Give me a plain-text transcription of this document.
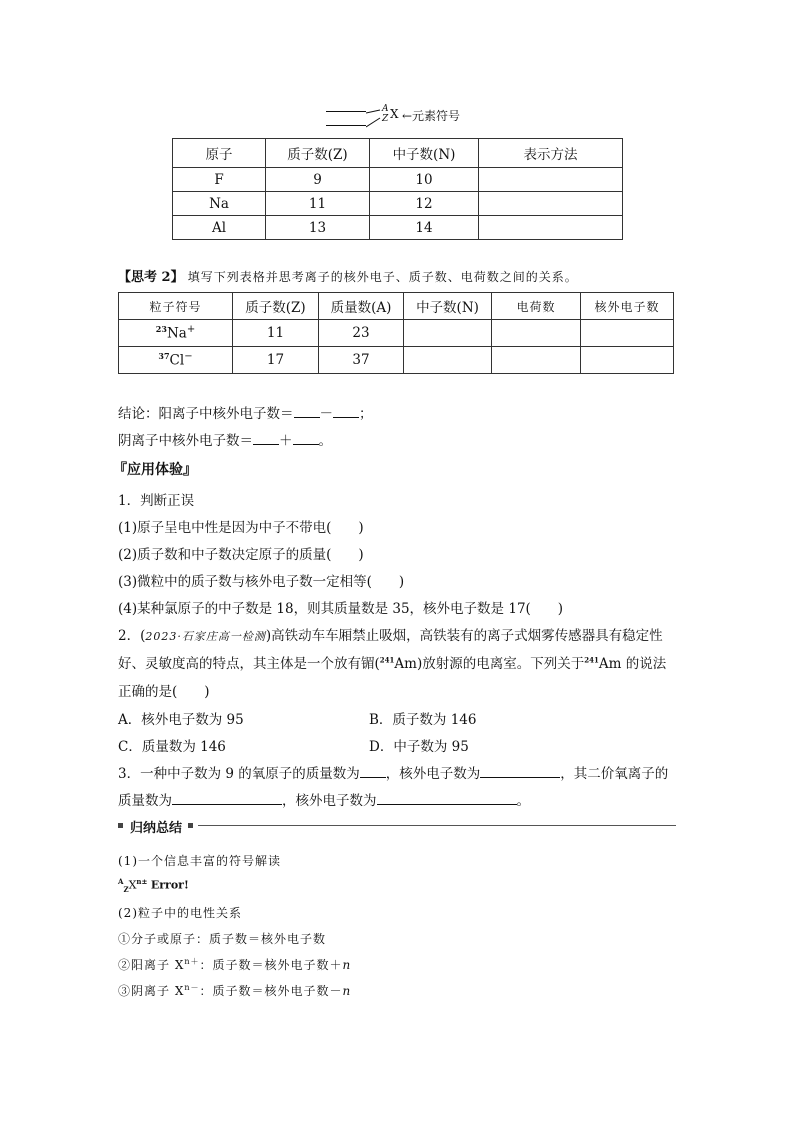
A
Z X ←元素符号
原子	质子数(Z)	中子数(N)	表示方法
F	9	10	
Na	11	12	
Al	13	14	
【思考 2】 填写下列表格并思考离子的核外电子、质子数、电荷数之间的关系。
粒子符号	质子数(Z)	质量数(A)	中子数(N)	电荷数	核外电子数
$^{23}$Na+	11	23			
$^{37}$Cl−	17	37			
结论：阳离子中核外电子数＝ － ；
阴离子中核外电子数＝ ＋ 。
『应用体验』
1．判断正误
(1)原子呈电中性是因为中子不带电(　　)
(2)质子数和中子数决定原子的质量(　　)
(3)微粒中的质子数与核外电子数一定相等(　　)
(4)某种氯原子的中子数是 18，则其质量数是 35，核外电子数是 17(　　)
2．(2023·石家庄高一检测)高铁动车车厢禁止吸烟，高铁装有的离子式烟雾传感器具有稳定性
好、灵敏度高的特点，其主体是一个放有镅($^{241}$Am)放射源的电离室。下列关于$^{241}$Am 的说法
正确的是(　　)
A．核外电子数为 95	B．质子数为 146
C．质量数为 146	D．中子数为 95
3．一种中子数为 9 的氧原子的质量数为 ，核外电子数为	，其二价氧离子的
质量数为	，核外电子数为	。
归纳总结
(1)一个信息丰富的符号解读
$^A_ZX^{n\pm}$ Error!
(2)粒子中的电性关系
①分子或原子：质子数＝核外电子数
②阳离子 $X^{n+}$：质子数＝核外电子数＋n
③阴离子 $X^{n-}$：质子数＝核外电子数－n
